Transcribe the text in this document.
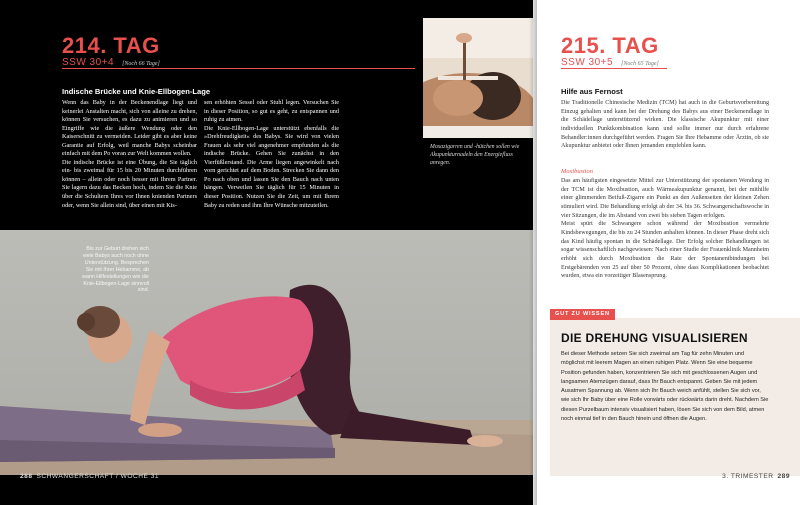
214. TAG
SSW 30+4 [Noch 66 Tage]
Indische Brücke und Knie-Ellbogen-Lage

Wenn das Baby in der Beckenendlage liegt und keinerlei Anstalten macht, sich von alleine zu drehen, können Sie versuchen, es dazu zu animieren und so Eingriffe wie die äußere Wendung oder den Kaiserschnitt zu vermeiden. Leider gibt es aber keine Garantie auf Erfolg, weil manche Babys scheinbar einfach mit dem Po voran zur Welt kommen wollen.

Die indische Brücke ist eine Übung, die Sie täglich ein- bis zweimal für 15 bis 20 Minuten durchführen können – allein oder noch besser mit Ihrem Partner. Sie lagern dazu das Becken hoch, indem Sie die Knie über die Schultern Ihres vor Ihnen knienden Partners oder, wenn Sie allein sind, über einen mit Kis-

sen erhöhten Sessel oder Stuhl legen. Versuchen Sie in dieser Position, so gut es geht, zu entspannen und ruhig zu atmen.

Die Knie-Ellbogen-Lage unterstützt ebenfalls die »Drehfreudigkeit« des Babys. Sie wird von vielen Frauen als sehr viel angenehmer empfunden als die indische Brücke. Gehen Sie zunächst in den Vierfüßlerstand. Die Arme liegen angewinkelt nach vorn gerichtet auf dem Boden. Strecken Sie dann den Po nach oben und lassen Sie den Bauch nach unten hängen. Verweilen Sie täglich für 15 Minuten in dieser Position. Nutzen Sie die Zeit, um mit Ihrem Baby zu reden und ihm Ihre Wünsche mitzuteilen.

Moxazigarren und -hütchen sollen wie Akupunkturnadeln den Energiefluss anregen.
Bis zur Geburt drehen sich viele Babys auch noch ohne Unterstützung. Besprechen Sie mit Ihrer Hebamme, ab wann Hilfestellungen wie die Knie-Ellbogen-Lage sinnvoll sind.
288 SCHWANGERSCHAFT / WOCHE 31
215. TAG
SSW 30+5 [Noch 65 Tage]
Hilfe aus Fernost
Die Traditionelle Chinesische Medizin (TCM) hat auch in die Geburtsvorbereitung Einzug gehalten und kann bei der Drehung des Babys aus einer Beckenendlage in die Schädellage unterstützend wirken. Die klassische Akupunktur mit einer individuellen Punktkombination kann und sollte immer nur durch erfahrene Behandler:innen durchgeführt werden. Fragen Sie Ihre Hebamme oder Ärztin, ob sie Akupunktur anbietet oder Ihnen jemanden empfehlen kann.
Moxibustion

Das am häufigsten eingesetzte Mittel zur Unterstützung der spontanen Wendung in der TCM ist die Moxibustion, auch Wärmeakupunktur genannt, bei der mithilfe einer glimmenden Beifuß-Zigarre ein Punkt an den Außenseiten der kleinen Zehen stimuliert wird. Die Behandlung erfolgt ab der 34. bis 36. Schwangerschaftswoche in vier Sitzungen, die im Abstand von zwei bis sieben Tagen erfolgen.

Meist spürt die Schwangere schon während der Moxibustion vermehrte Kindsbewegungen, die bis zu 24 Stunden anhalten können. In dieser Phase dreht sich das Kind häufig spontan in die Schädellage. Der Erfolg solcher Behandlungen ist sogar wissenschaftlich nachgewiesen: Nach einer Studie der Frauenklinik Mannheim erhöht sich durch Moxibustion die Rate der Spontanentbindungen bei Erstgebärenden von 25 auf über 50 Prozent, ohne dass Komplikationen beobachtet wurden, etwa ein vorzeitiger Blasensprung.

GUT ZU WISSEN
DIE DREHUNG VISUALISIEREN
Bei dieser Methode setzen Sie sich zweimal am Tag für zehn Minuten und möglichst mit leerem Magen an einen ruhigen Platz. Wenn Sie eine bequeme Position gefunden haben, konzentrieren Sie sich mit geschlossenen Augen und langsamen Atemzügen darauf, dass Ihr Bauch entspannt. Geben Sie mit jedem Ausatmen Spannung ab. Wenn sich Ihr Bauch weich anfühlt, stellen Sie sich vor, wie sich Ihr Baby über eine Rolle vorwärts oder rückwärts darin dreht. Nachdem Sie diesen Purzelbaum intensiv visualisiert haben, lösen Sie sich von dem Bild, atmen noch einmal tief in den Bauch hinein und öffnen die Augen.
3. TRIMESTER 289
